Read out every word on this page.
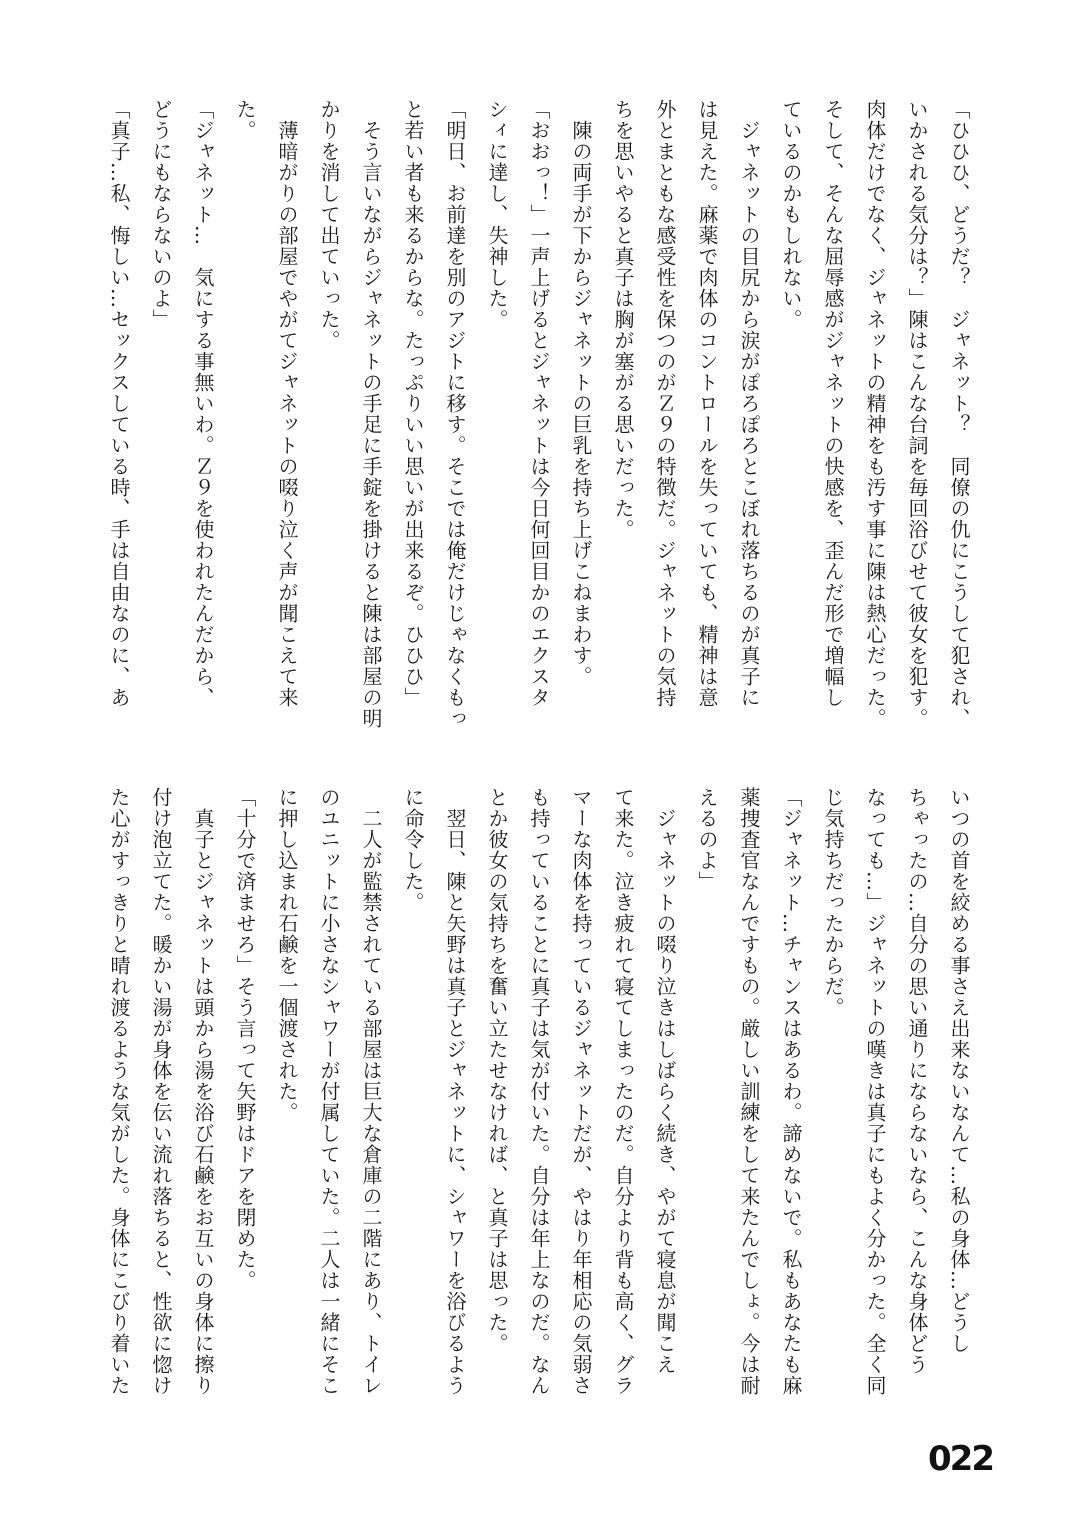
「ひひひ、どうだ？　ジャネット？　同僚の仇にこうして犯され、

いかされる気分は？」陳はこんな台詞を毎回浴びせて彼女を犯す。

肉体だけでなく、ジャネットの精神をも汚す事に陳は熱心だった。

そして、そんな屈辱感がジャネットの快感を、歪んだ形で増幅し

ているのかもしれない。

ジャネットの目尻から涙がぽろぽろとこぼれ落ちるのが真子に

は見えた。麻薬で肉体のコントロールを失っていても、精神は意

外とまともな感受性を保つのがＺ９の特徴だ。ジャネットの気持

ちを思いやると真子は胸が塞がる思いだった。

陳の両手が下からジャネットの巨乳を持ち上げこねまわす。

「おおっ！」一声上げるとジャネットは今日何回目かのエクスタ

シィに達し、失神した。

「明日、お前達を別のアジトに移す。そこでは俺だけじゃなくもっ

と若い者も来るからな。たっぷりいい思いが出来るぞ。ひひひ」

そう言いながらジャネットの手足に手錠を掛けると陳は部屋の明

かりを消して出ていった。

薄暗がりの部屋でやがてジャネットの啜り泣く声が聞こえて来

た。

「ジャネット…　気にする事無いわ。Ｚ９を使われたんだから、

どうにもならないのよ」

「真子…私、悔しい…セックスしている時、手は自由なのに、あ

いつの首を絞める事さえ出来ないなんて…私の身体…どうし

ちゃったの…自分の思い通りにならないなら、こんな身体どう

なっても…」ジャネットの嘆きは真子にもよく分かった。全く同

じ気持ちだったからだ。

「ジャネット…チャンスはあるわ。諦めないで。私もあなたも麻

薬捜査官なんですもの。厳しい訓練をして来たんでしょ。今は耐

えるのよ」

ジャネットの啜り泣きはしばらく続き、やがて寝息が聞こえ

て来た。泣き疲れて寝てしまったのだ。自分より背も高く、グラ

マーな肉体を持っているジャネットだが、やはり年相応の気弱さ

も持っていることに真子は気が付いた。自分は年上なのだ。なん

とか彼女の気持ちを奮い立たせなければ、と真子は思った。

翌日、陳と矢野は真子とジャネットに、シャワーを浴びるよう

に命令した。

二人が監禁されている部屋は巨大な倉庫の二階にあり、トイレ

のユニットに小さなシャワーが付属していた。二人は一緒にそこ

に押し込まれ石鹸を一個渡された。

「十分で済ませろ」そう言って矢野はドアを閉めた。

真子とジャネットは頭から湯を浴び石鹸をお互いの身体に擦り

付け泡立てた。暖かい湯が身体を伝い流れ落ちると、性欲に惚け

た心がすっきりと晴れ渡るような気がした。身体にこびり着いた

022
